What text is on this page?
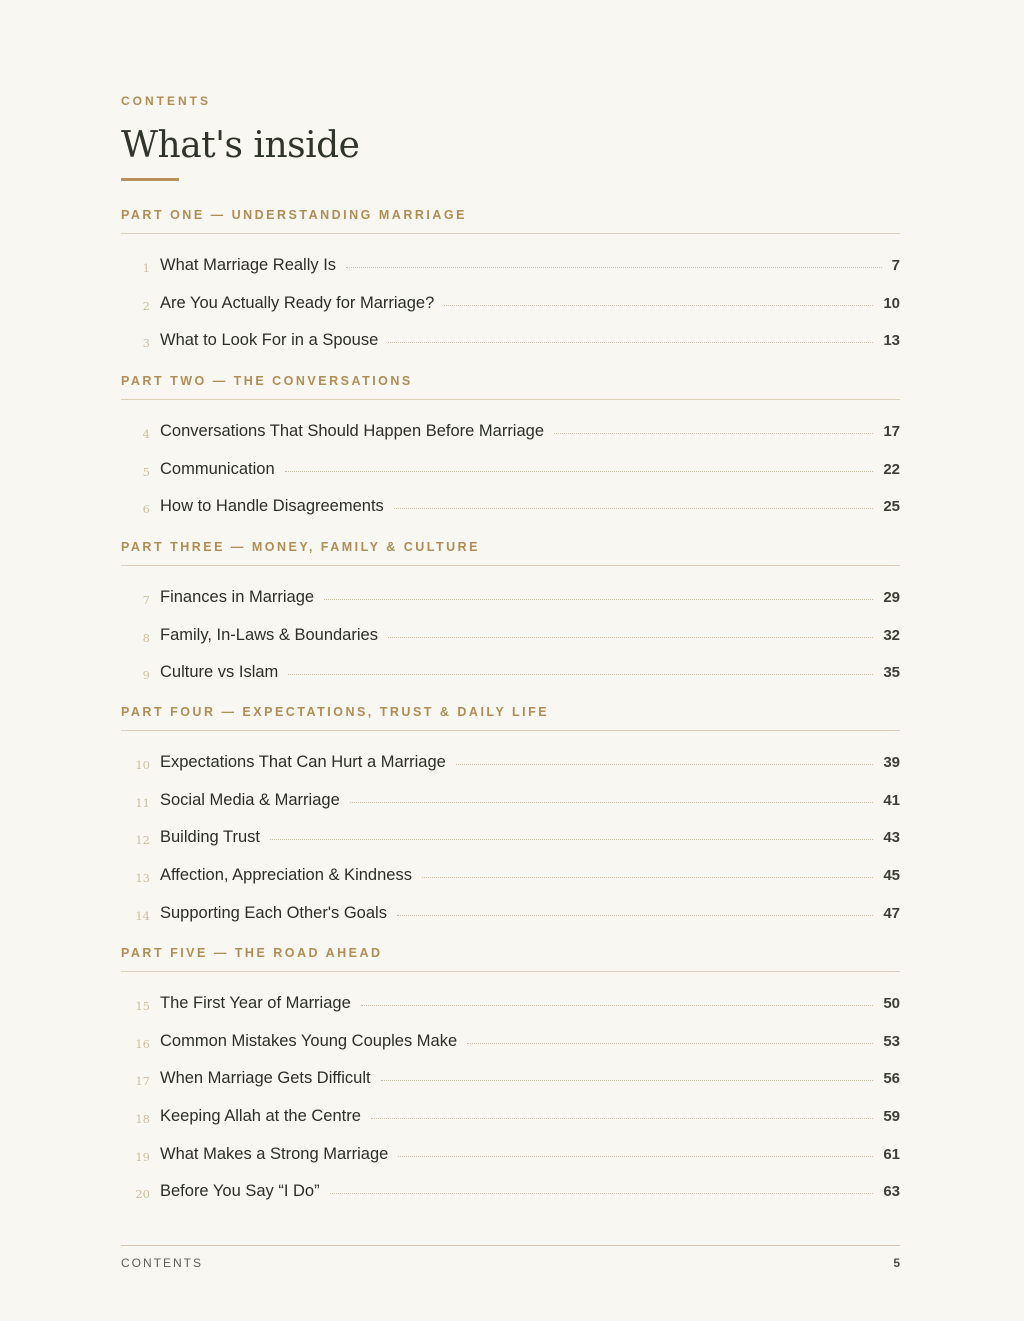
CONTENTS
What's inside
PART ONE — UNDERSTANDING MARRIAGE
1 What Marriage Really Is	7
2 Are You Actually Ready for Marriage?	10
3 What to Look For in a Spouse	13
PART TWO — THE CONVERSATIONS
4 Conversations That Should Happen Before Marriage	17
5 Communication	22
6 How to Handle Disagreements	25
PART THREE — MONEY, FAMILY & CULTURE
7 Finances in Marriage	29
8 Family, In-Laws & Boundaries	32
9 Culture vs Islam	35
PART FOUR — EXPECTATIONS, TRUST & DAILY LIFE
10 Expectations That Can Hurt a Marriage	39
11 Social Media & Marriage	41
12 Building Trust	43
13 Affection, Appreciation & Kindness	45
14 Supporting Each Other's Goals	47
PART FIVE — THE ROAD AHEAD
15 The First Year of Marriage	50
16 Common Mistakes Young Couples Make	53
17 When Marriage Gets Difficult	56
18 Keeping Allah at the Centre	59
19 What Makes a Strong Marriage	61
20 Before You Say “I Do”	63
CONTENTS	5
